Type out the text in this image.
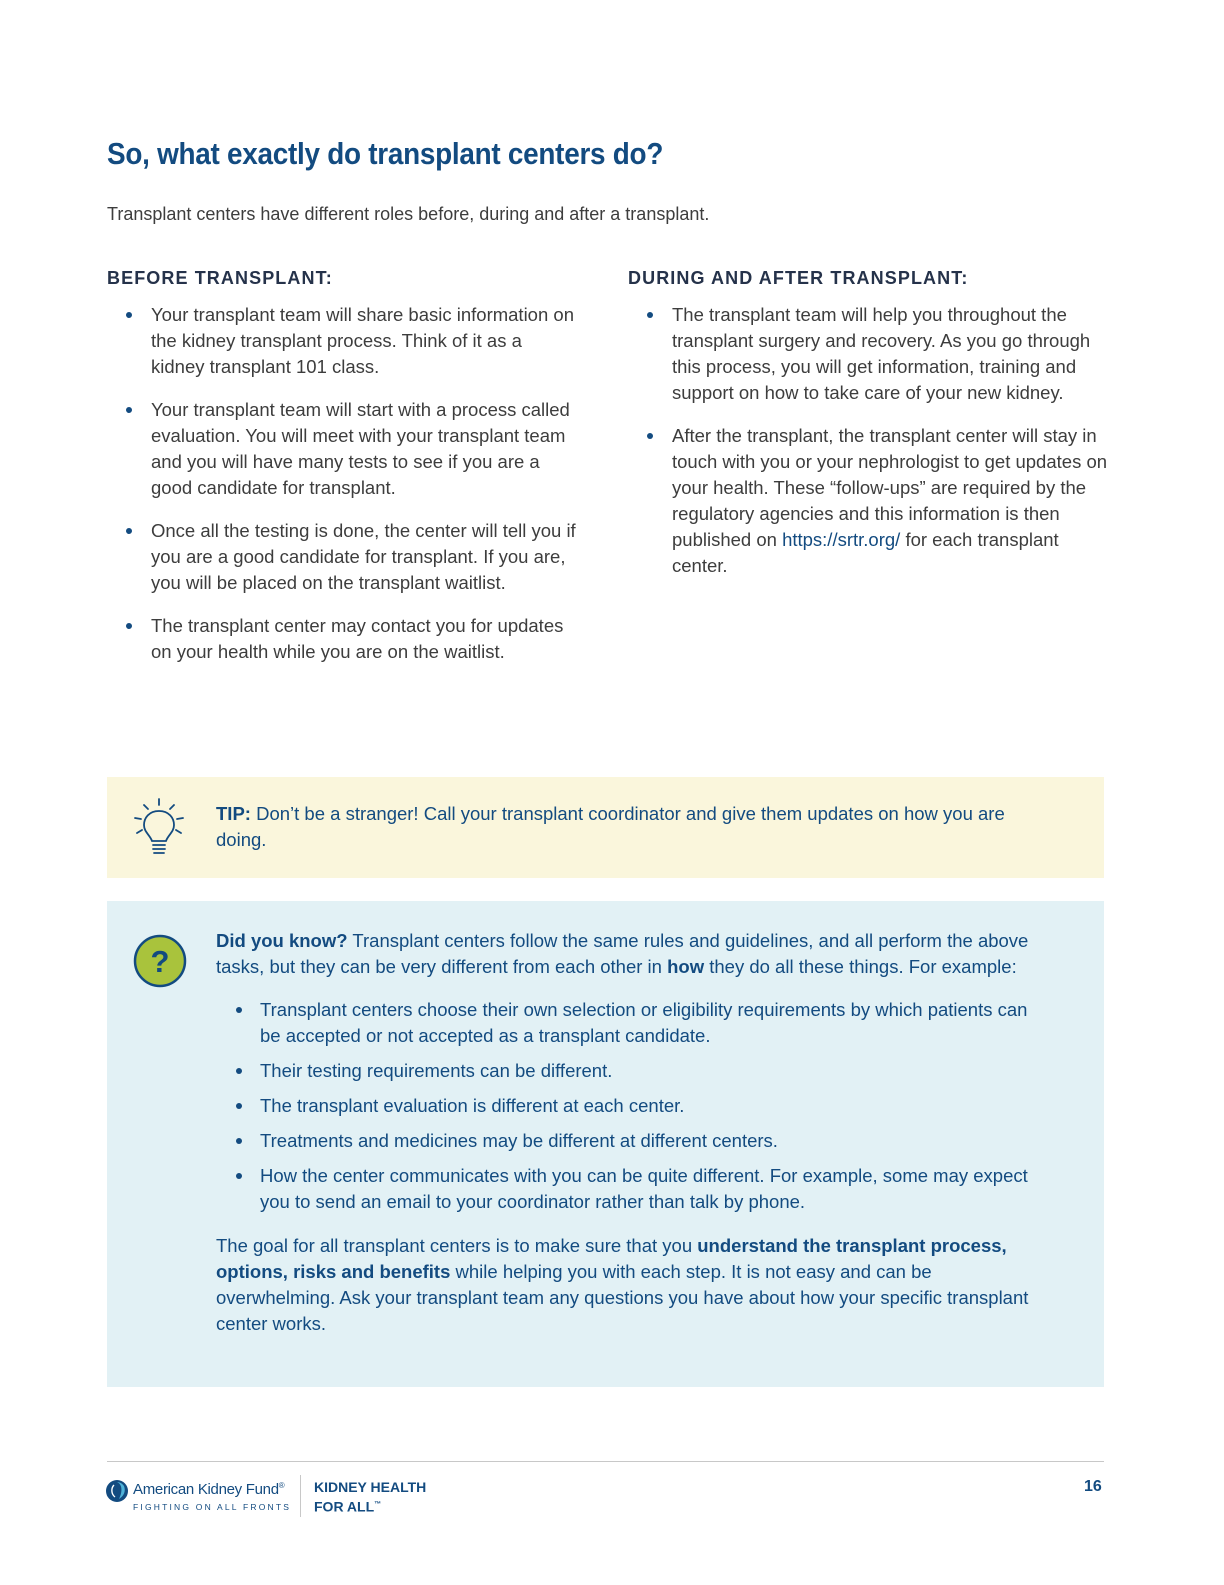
So, what exactly do transplant centers do?
Transplant centers have different roles before, during and after a transplant.
BEFORE TRANSPLANT:
Your transplant team will share basic information on the kidney transplant process. Think of it as a kidney transplant 101 class.
Your transplant team will start with a process called evaluation. You will meet with your transplant team and you will have many tests to see if you are a good candidate for transplant.
Once all the testing is done, the center will tell you if you are a good candidate for transplant. If you are, you will be placed on the transplant waitlist.
The transplant center may contact you for updates on your health while you are on the waitlist.
DURING AND AFTER TRANSPLANT:
The transplant team will help you throughout the transplant surgery and recovery. As you go through this process, you will get information, training and support on how to take care of your new kidney.
After the transplant, the transplant center will stay in touch with you or your nephrologist to get updates on your health. These “follow-ups” are required by the regulatory agencies and this information is then published on https://srtr.org/ for each transplant center.
TIP: Don’t be a stranger! Call your transplant coordinator and give them updates on how you are doing.
?

Did you know? Transplant centers follow the same rules and guidelines, and all perform the above tasks, but they can be very different from each other in how they do all these things. For example:

Transplant centers choose their own selection or eligibility requirements by which patients can be accepted or not accepted as a transplant candidate.
Their testing requirements can be different.
The transplant evaluation is different at each center.
Treatments and medicines may be different at different centers.
How the center communicates with you can be quite different. For example, some may expect you to send an email to your coordinator rather than talk by phone.

The goal for all transplant centers is to make sure that you understand the transplant process, options, risks and benefits while helping you with each step. It is not easy and can be overwhelming. Ask your transplant team any questions you have about how your specific transplant center works.

American Kidney Fund®
FIGHTING ON ALL FRONTS
KIDNEY HEALTH
FOR ALL™
16
